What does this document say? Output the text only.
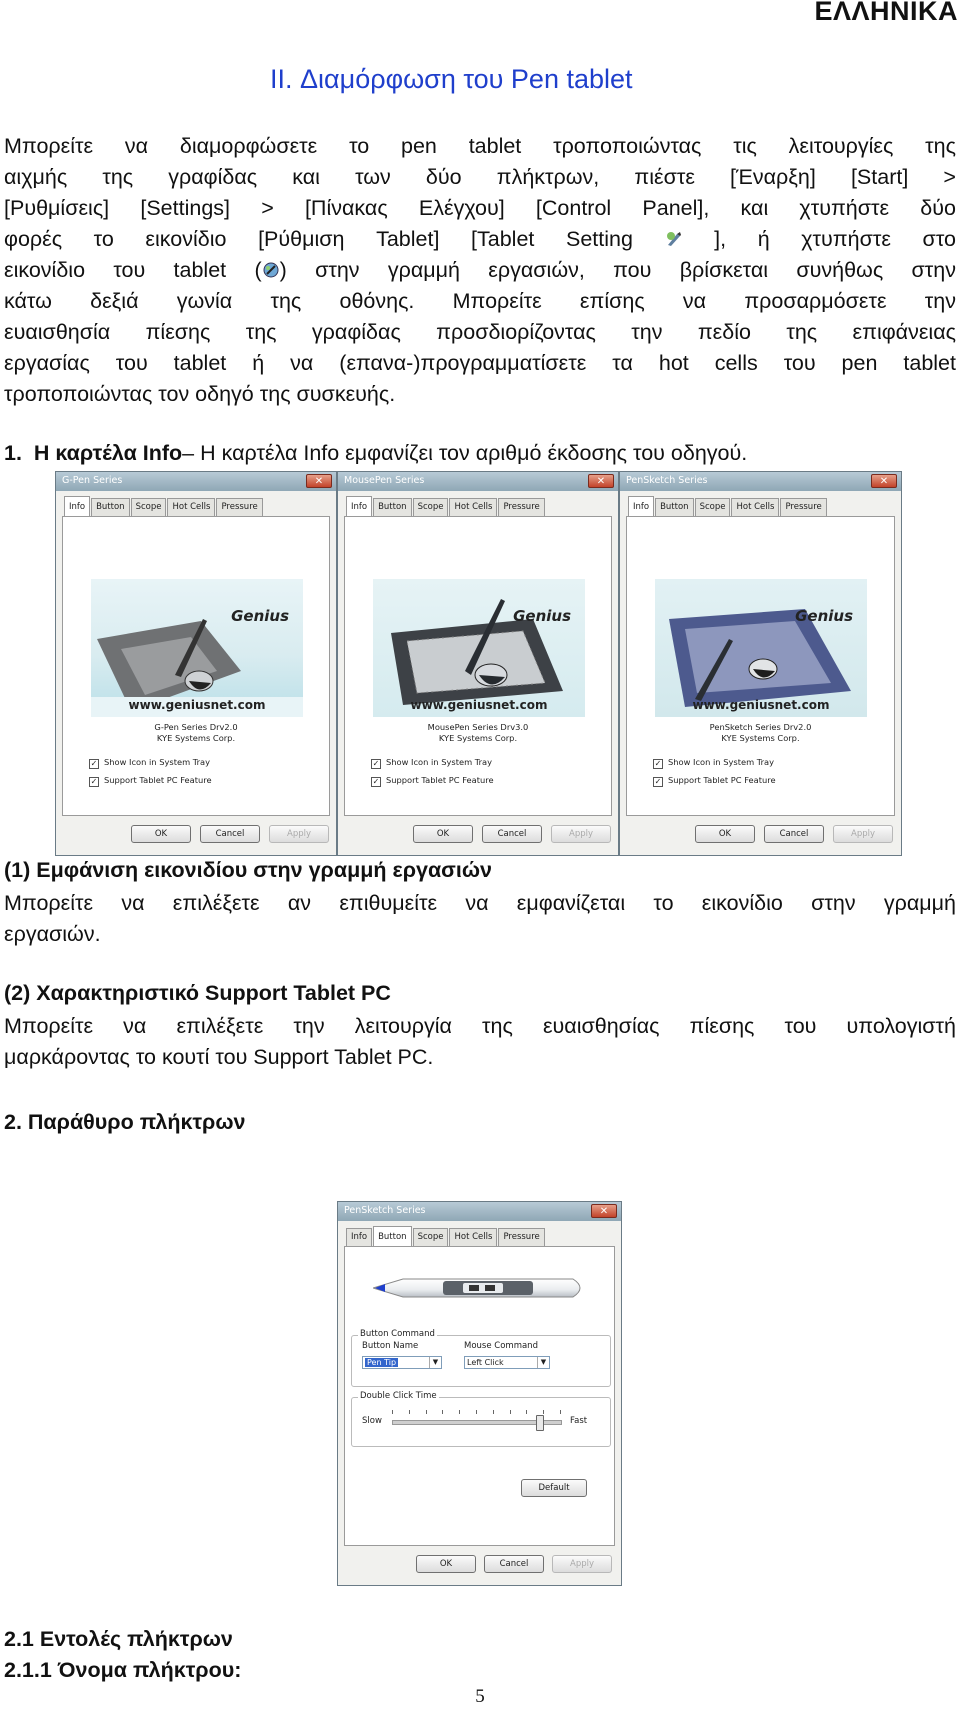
ΕΛΛΗΝΙΚΑ
II. Διαμόρφωση του Pen tablet
Μπορείτε να διαμορφώσετε το pen tablet τροποποιώντας τις λειτουργίες της
αιχμής της γραφίδας και των δύο πλήκτρων, πιέστε [Έναρξη] [Start] >
[Ρυθμίσεις] [Settings] > [Πίνακας Ελέγχου] [Control Panel], και χτυπήστε δύο
φορές το εικονίδιο [Ρύθμιση Tablet] [Tablet Setting	], ή χτυπήστε στο
εικονίδιο του tablet ( ) στην γραμμή εργασιών, που βρίσκεται συνήθως στην
κάτω δεξιά γωνία της οθόνης. Μπορείτε επίσης να προσαρμόσετε την
ευαισθησία πίεσης της γραφίδας προσδιορίζοντας την πεδίο της επιφάνειας
εργασίας του tablet ή να (επανα-)προγραμματίσετε τα hot cells του pen tablet
τροποποιώντας τον οδηγό της συσκευής.
1. Η καρτέλα Info– Η καρτέλα Info εμφανίζει τον αριθμό έκδοσης του οδηγού.
G-Pen Series	✕
Info	Button	Scope	Hot Cells	Pressure
Genius
www.geniusnet.com
G-Pen Series Drv2.0
KYE Systems Corp.
✓ Show Icon in System Tray
✓ Support Tablet PC Feature
OK	Cancel	Apply
MousePen Series	✕
Info	Button	Scope	Hot Cells	Pressure
Genius
www.geniusnet.com
MousePen Series Drv3.0
KYE Systems Corp.
✓ Show Icon in System Tray
✓ Support Tablet PC Feature
OK	Cancel	Apply
PenSketch Series	✕
Info	Button	Scope	Hot Cells	Pressure
Genius
www.geniusnet.com
PenSketch Series Drv2.0
KYE Systems Corp.
✓ Show Icon in System Tray
✓ Support Tablet PC Feature
OK	Cancel	Apply
(1) Εμφάνιση εικονιδίου στην γραμμή εργασιών
Μπορείτε να επιλέξετε αν επιθυμείτε να εμφανίζεται το εικονίδιο στην γραμμή
εργασιών.
(2) Χαρακτηριστικό Support Tablet PC
Μπορείτε να επιλέξετε την λειτουργία της ευαισθησίας πίεσης του υπολογιστή
μαρκάροντας το κουτί του Support Tablet PC.
2. Παράθυρο πλήκτρων
PenSketch Series	✕
Info	Button	Scope	Hot Cells	Pressure
Button Command
Button Name	Mouse Command
Pen Tip	▼	Left Click	▼
Double Click Time
Slow	Fast
Default
OK	Cancel	Apply
2.1 Εντολές πλήκτρων
2.1.1 Όνομα πλήκτρου:
5
